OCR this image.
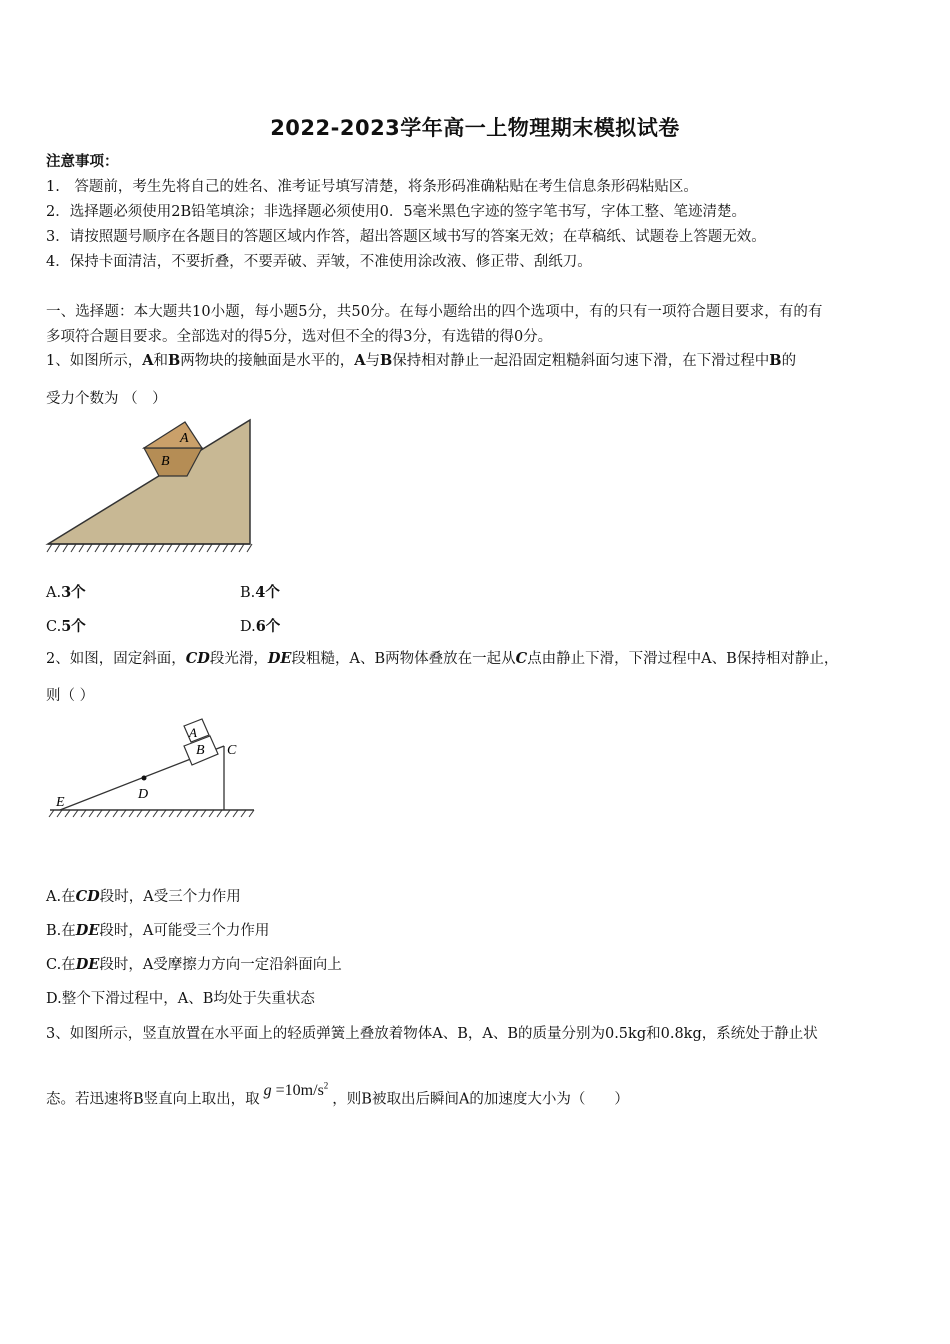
2022-2023学年高一上物理期末模拟试卷
注意事项：
1.　答题前，考生先将自己的姓名、准考证号填写清楚，将条形码准确粘贴在考生信息条形码粘贴区。
2．选择题必须使用2B铅笔填涂；非选择题必须使用0．5毫米黑色字迹的签字笔书写，字体工整、笔迹清楚。
3．请按照题号顺序在各题目的答题区域内作答，超出答题区域书写的答案无效；在草稿纸、试题卷上答题无效。
4．保持卡面清洁，不要折叠，不要弄破、弄皱，不准使用涂改液、修正带、刮纸刀。
一、选择题：本大题共10小题，每小题5分，共50分。在每小题给出的四个选项中，有的只有一项符合题目要求，有的有
多项符合题目要求。全部选对的得5分，选对但不全的得3分，有选错的得0分。
1、如图所示，A和B两物块的接触面是水平的，A与B保持相对静止一起沿固定粗糙斜面匀速下滑，在下滑过程中B的
受力个数为 （　）
A
B
A.3个	B.4个
C.5个	D.6个
2、如图，固定斜面，CD段光滑，DE段粗糙，A、B两物体叠放在一起从C点由静止下滑，下滑过程中A、B保持相对静止，
则（ ）
A
B C
D
E
A.在CD段时，A受三个力作用
B.在DE段时，A可能受三个力作用
C.在DE段时，A受摩擦力方向一定沿斜面向上
D.整个下滑过程中，A、B均处于失重状态
3、如图所示，竖直放置在水平面上的轻质弹簧上叠放着物体A、B，A、B的质量分别为0.5kg和0.8kg，系统处于静止状
态。若迅速将B竖直向上取出，取 $g =10m/s^2$，则B被取出后瞬间A的加速度大小为（　　）
